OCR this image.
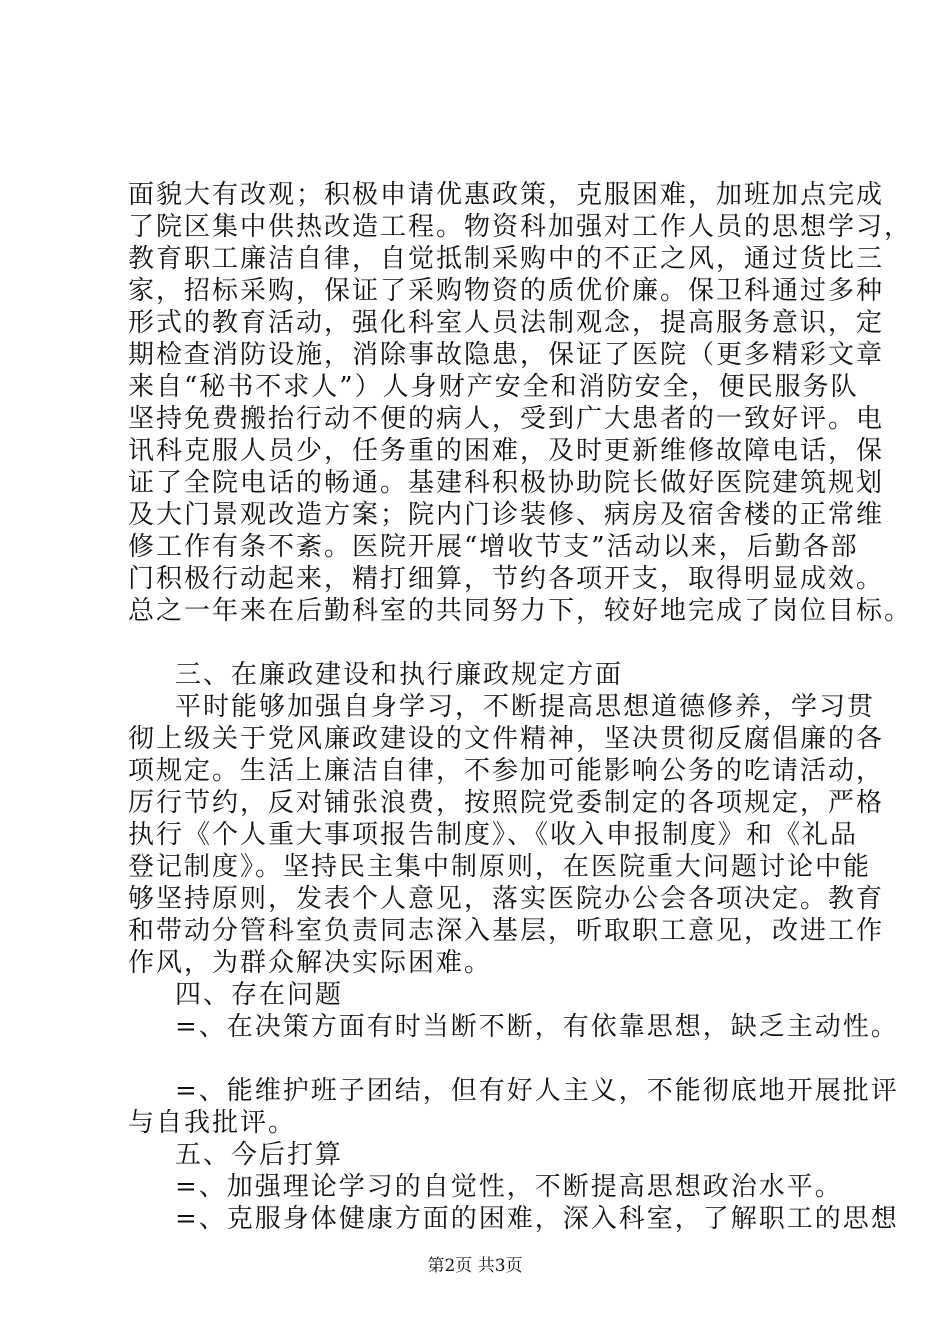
面貌大有改观；积极申请优惠政策，克服困难，加班加点完成
了院区集中供热改造工程。物资科加强对工作人员的思想学习，
教育职工廉洁自律，自觉抵制采购中的不正之风，通过货比三
家，招标采购，保证了采购物资的质优价廉。保卫科通过多种
形式的教育活动，强化科室人员法制观念，提高服务意识，定
期检查消防设施，消除事故隐患，保证了医院（更多精彩文章
来自“秘书不求人”）人身财产安全和消防安全，便民服务队
坚持免费搬抬行动不便的病人，受到广大患者的一致好评。电
讯科克服人员少，任务重的困难，及时更新维修故障电话，保
证了全院电话的畅通。基建科积极协助院长做好医院建筑规划
及大门景观改造方案；院内门诊装修、病房及宿舍楼的正常维
修工作有条不紊。医院开展“增收节支”活动以来，后勤各部
门积极行动起来，精打细算，节约各项开支，取得明显成效。
总之一年来在后勤科室的共同努力下，较好地完成了岗位目标。
三、在廉政建设和执行廉政规定方面
平时能够加强自身学习，不断提高思想道德修养，学习贯
彻上级关于党风廉政建设的文件精神，坚决贯彻反腐倡廉的各
项规定。生活上廉洁自律，不参加可能影响公务的吃请活动，
厉行节约，反对铺张浪费，按照院党委制定的各项规定，严格
执行《个人重大事项报告制度》、《收入申报制度》和《礼品
登记制度》。坚持民主集中制原则，在医院重大问题讨论中能
够坚持原则，发表个人意见，落实医院办公会各项决定。教育
和带动分管科室负责同志深入基层，听取职工意见，改进工作
作风，为群众解决实际困难。
四、存在问题
=、在决策方面有时当断不断，有依靠思想，缺乏主动性。
=、能维护班子团结，但有好人主义，不能彻底地开展批评
与自我批评。
五、今后打算
=、加强理论学习的自觉性，不断提高思想政治水平。
=、克服身体健康方面的困难，深入科室，了解职工的思想
第2页 共3页
